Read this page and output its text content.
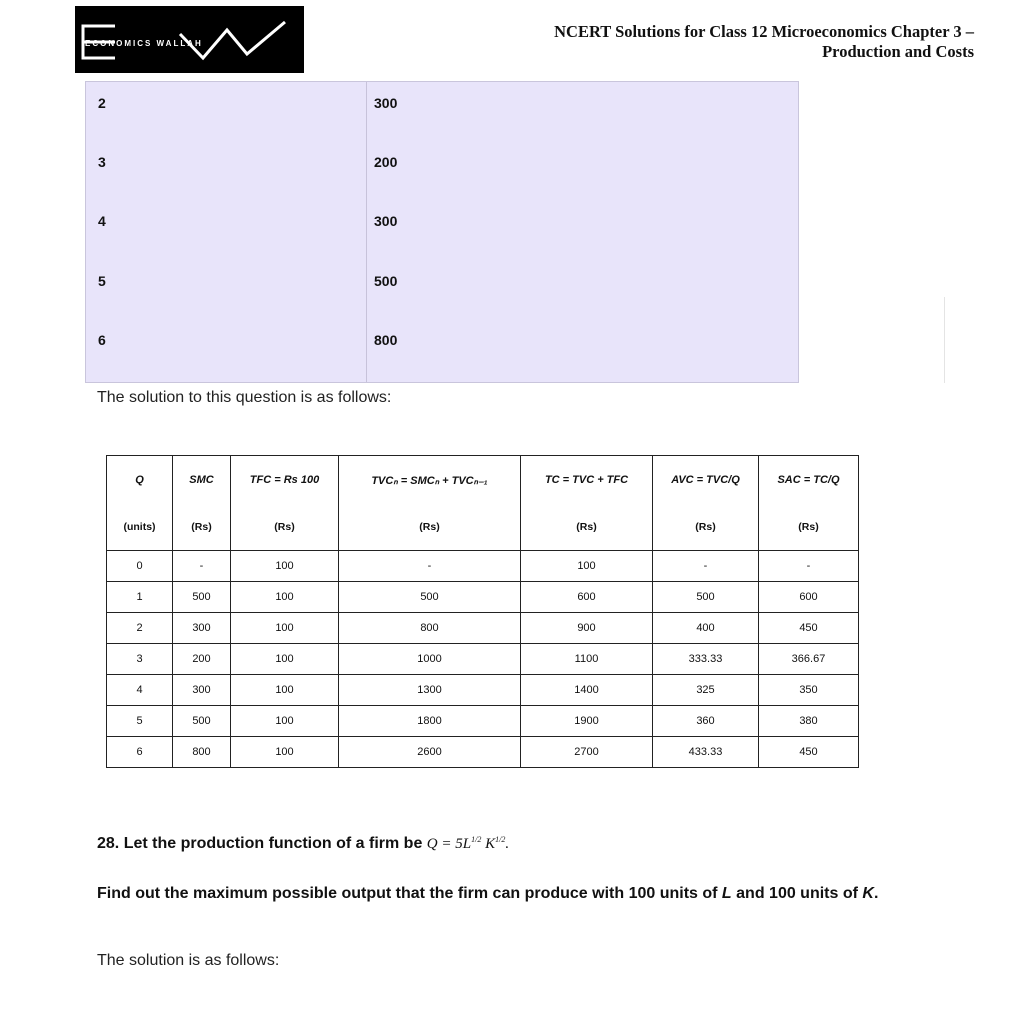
ECONOMICS WALLAH
NCERT Solutions for Class 12 Microeconomics Chapter 3 –
Production and Costs
2	300
3	200
4	300
5	500
6	800
The solution to this question is as follows:
Q	SMC	TFC = Rs 100	TVCₙ = SMCₙ + TVCₙ₋₁	TC = TVC + TFC	AVC = TVC/Q	SAC = TC/Q
(units)	(Rs)	(Rs)	(Rs)	(Rs)	(Rs)	(Rs)
0	-	100	-	100	-	-
1	500	100	500	600	500	600
2	300	100	800	900	400	450
3	200	100	1000	1100	333.33	366.67
4	300	100	1300	1400	325	350
5	500	100	1800	1900	360	380
6	800	100	2600	2700	433.33	450
28. Let the production function of a firm be $Q = 5L^{1/2}$ $K^{1/2}$.
Find out the maximum possible output that the firm can produce with 100 units of L and 100 units of K.
The solution is as follows:
